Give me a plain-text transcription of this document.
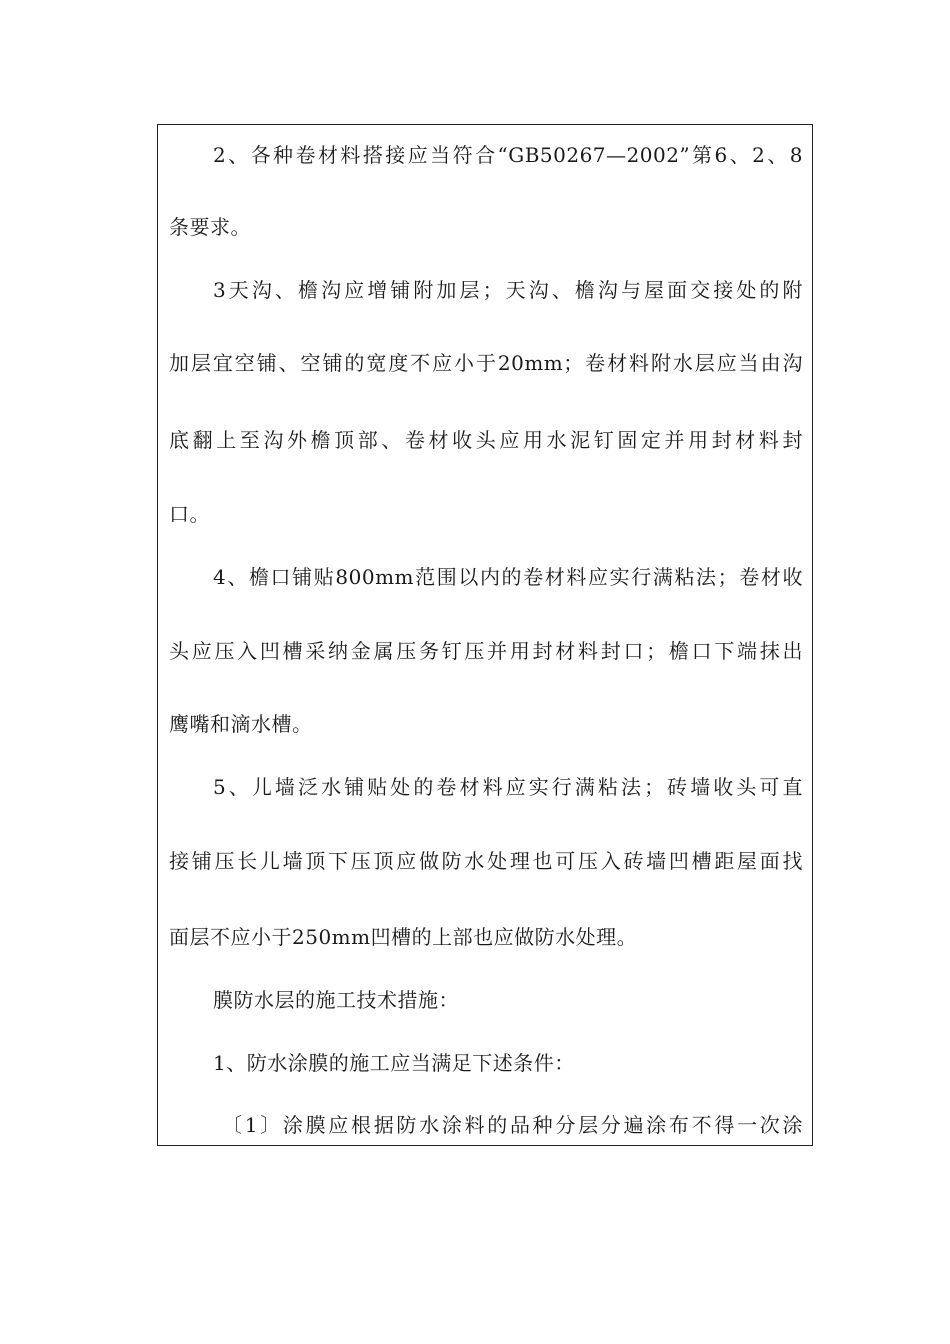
2、各种卷材料搭接应当符合“GB50267—2002”第6、2、8
条要求。
3天沟、檐沟应增铺附加层；天沟、檐沟与屋面交接处的附
加层宜空铺、空铺的宽度不应小于20mm；卷材料附水层应当由沟
底翻上至沟外檐顶部、卷材收头应用水泥钉固定并用封材料封
口。
4、檐口铺贴800mm范围以内的卷材料应实行满粘法；卷材收
头应压入凹槽采纳金属压务钉压并用封材料封口；檐口下端抹出
鹰嘴和滴水槽。
5、儿墙泛水铺贴处的卷材料应实行满粘法；砖墙收头可直
接铺压长儿墙顶下压顶应做防水处理也可压入砖墙凹槽距屋面找
面层不应小于250mm凹槽的上部也应做防水处理。
膜防水层的施工技术措施：
1、防水涂膜的施工应当满足下述条件：
〔1〕涂膜应根据防水涂料的品种分层分遍涂布不得一次涂
